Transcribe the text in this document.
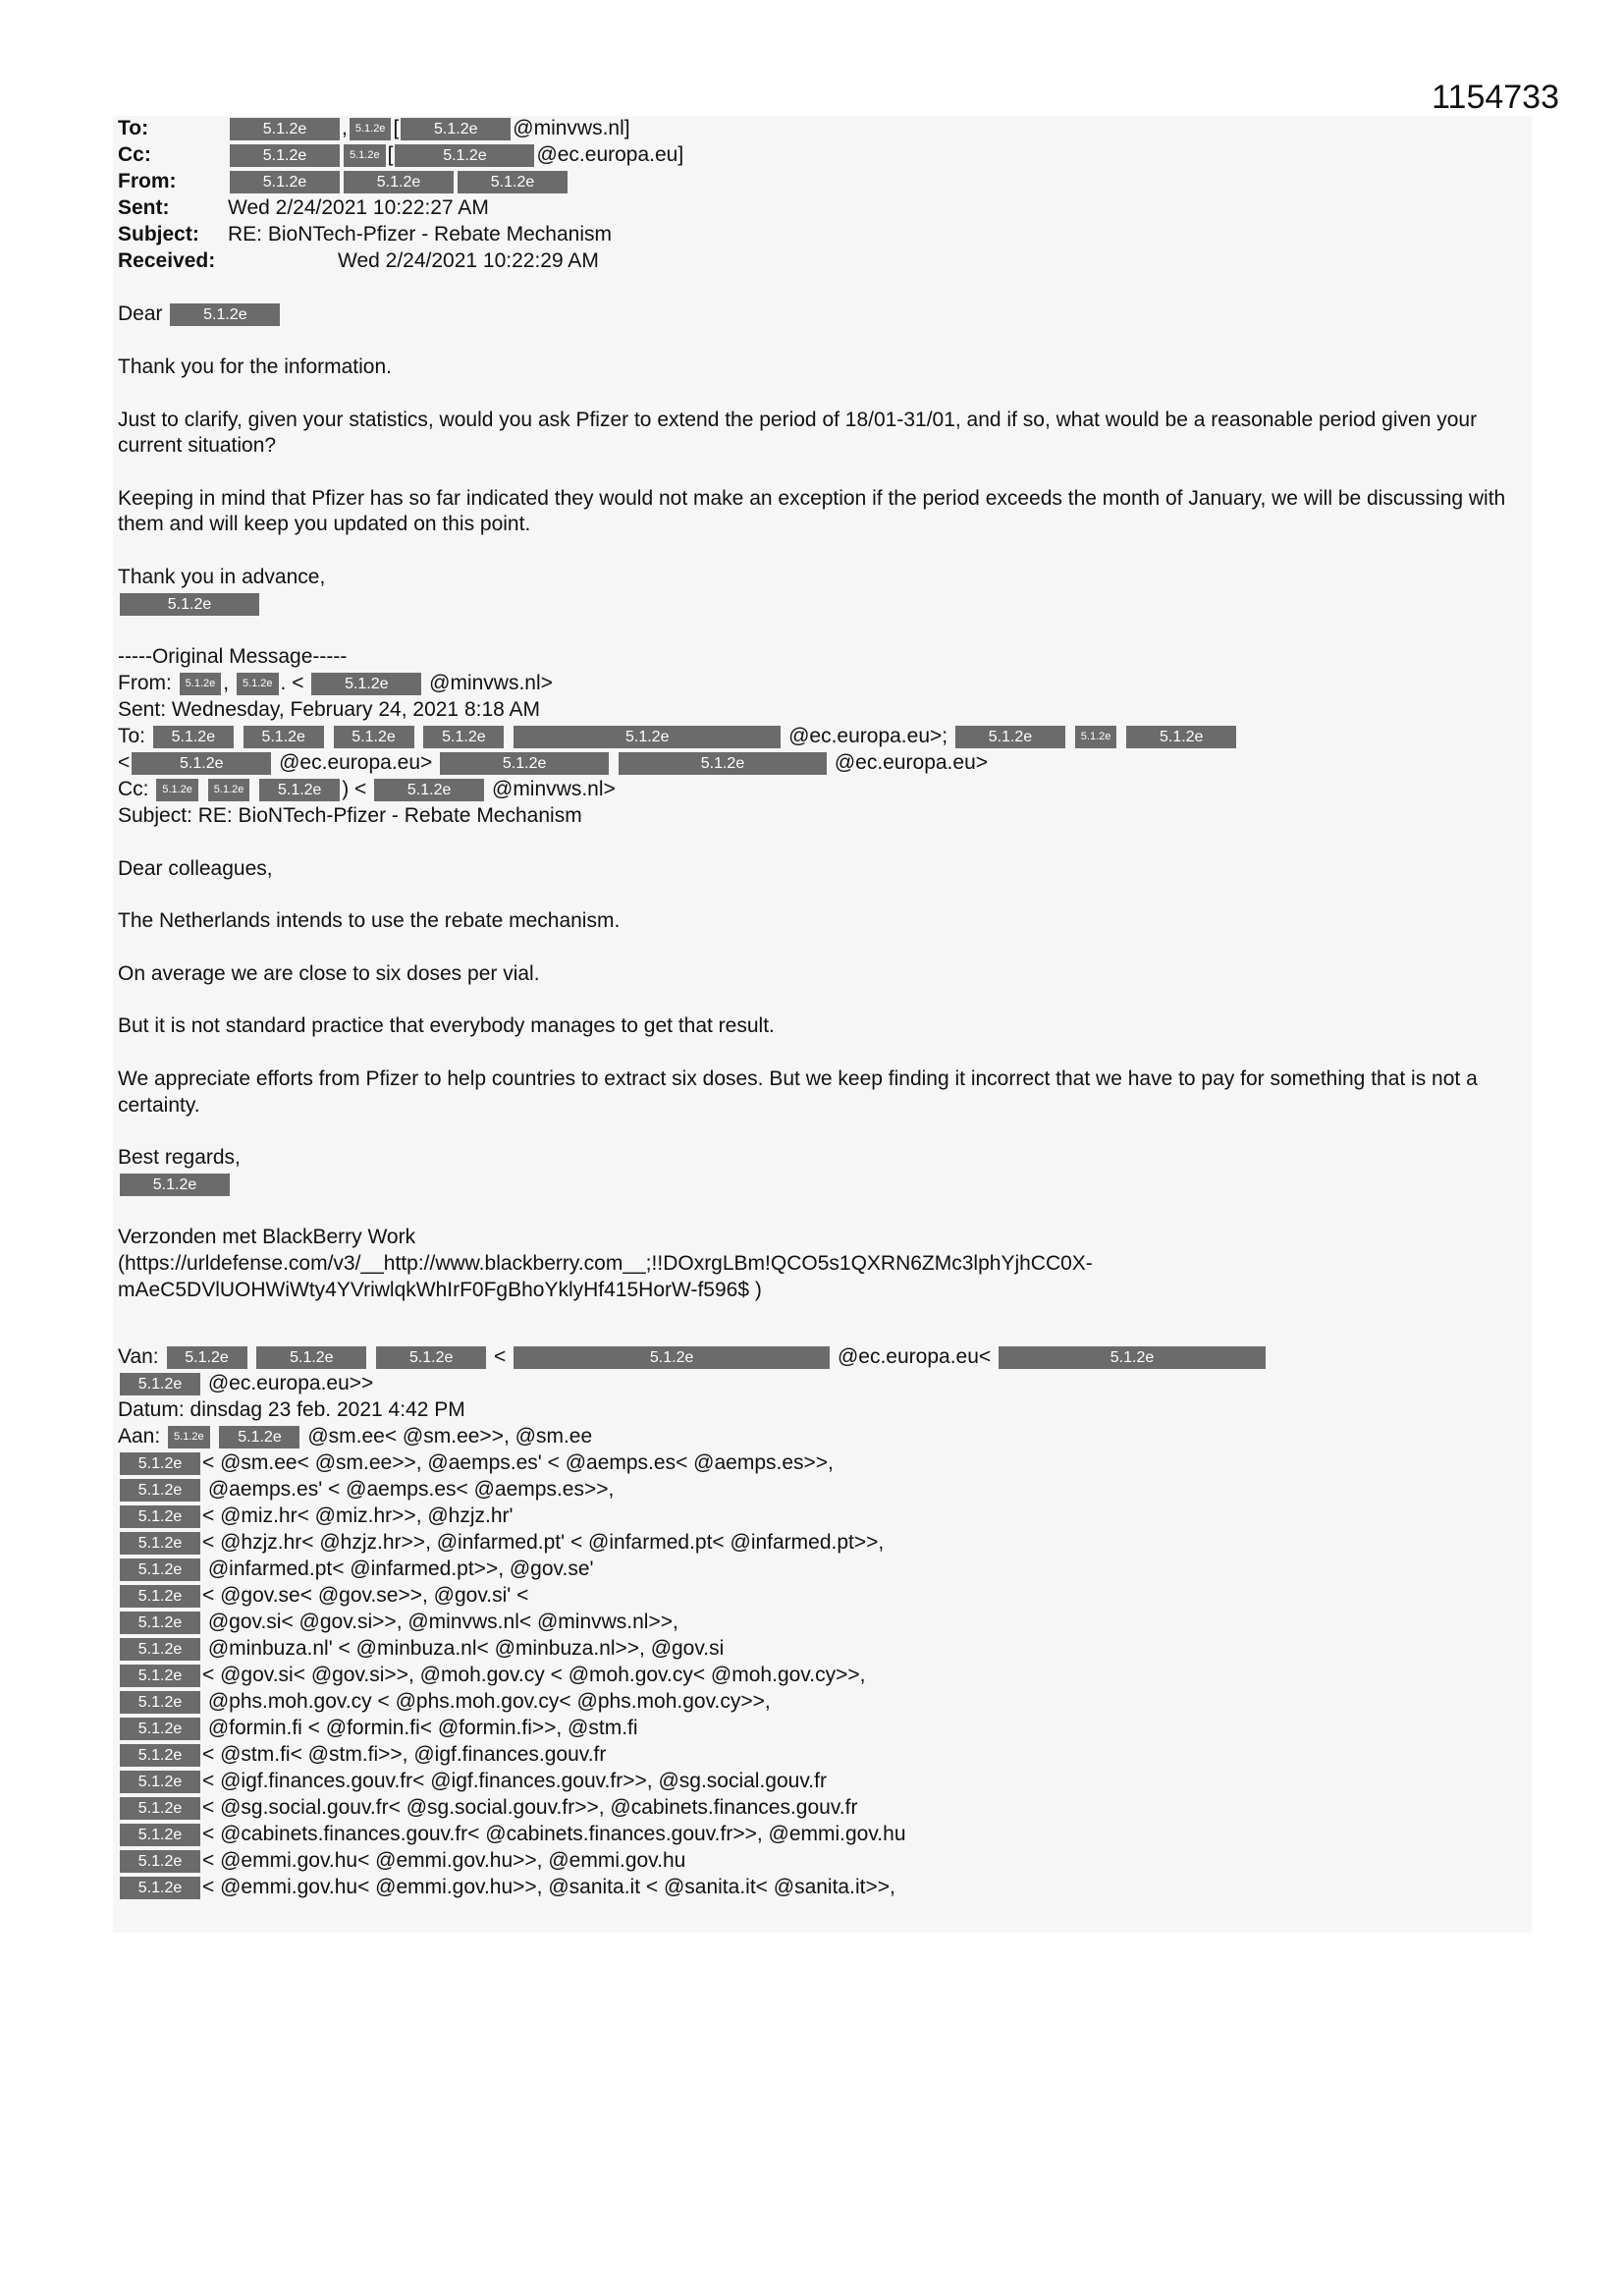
1154733
To:	5.1.2e	, 5.1.2e [	5.1.2e	@minvws.nl]
Cc:	5.1.2e	5.1.2e [	5.1.2e	@ec.europa.eu]
From:	5.1.2e	5.1.2e	5.1.2e
Sent:	Wed 2/24/2021 10:22:27 AM
Subject:	RE: BioNTech-Pfizer - Rebate Mechanism
Received:	Wed 2/24/2021 10:22:29 AM
Dear	5.1.2e
Thank you for the information.
Just to clarify, given your statistics, would you ask Pfizer to extend the period of 18/01-31/01, and if so, what would be a reasonable period given your current situation?
Keeping in mind that Pfizer has so far indicated they would not make an exception if the period exceeds the month of January, we will be discussing with them and will keep you updated on this point.
Thank you in advance,
5.1.2e
-----Original Message-----
From: 5.1.2e , 5.1.2e . < 5.1.2e @minvws.nl>
Sent: Wednesday, February 24, 2021 8:18 AM
To: 5.1.2e	5.1.2e	5.1.2e	5.1.2e	5.1.2e	@ec.europa.eu>;	5.1.2e	5.1.2e	5.1.2e
<	5.1.2e	@ec.europa.eu>	5.1.2e	5.1.2e	@ec.europa.eu>
Cc: 5.1.2e 5.1.2e 5.1.2e ) < 5.1.2e @minvws.nl>
Subject: RE: BioNTech-Pfizer - Rebate Mechanism
Dear colleagues,
The Netherlands intends to use the rebate mechanism.
On average we are close to six doses per vial.
But it is not standard practice that everybody manages to get that result.
We appreciate efforts from Pfizer to help countries to extract six doses. But we keep finding it incorrect that we have to pay for something that is not a certainty.
Best regards,
5.1.2e
Verzonden met BlackBerry Work
(https://urldefense.com/v3/__http://www.blackberry.com__;!!DOxrgLBm!QCO5s1QXRN6ZMc3lphYjhCC0X-
mAeC5DVlUOHWiWty4YVriwlqkWhIrF0FgBhoYklyHf415HorW-f596$ )
Van: 5.1.2e	5.1.2e	5.1.2e <	5.1.2e	@ec.europa.eu<	5.1.2e
5.1.2e @ec.europa.eu>>
Datum: dinsdag 23 feb. 2021 4:42 PM
Aan: 5.1.2e 5.1.2e @sm.ee< @sm.ee>>, @sm.ee
5.1.2e < @sm.ee< @sm.ee>>, @aemps.es' < @aemps.es< @aemps.es>>,
5.1.2e @aemps.es' < @aemps.es< @aemps.es>>,
5.1.2e < @miz.hr< @miz.hr>>, @hzjz.hr'
5.1.2e < @hzjz.hr< @hzjz.hr>>, @infarmed.pt' < @infarmed.pt< @infarmed.pt>>,
5.1.2e @infarmed.pt< @infarmed.pt>>, @gov.se'
5.1.2e < @gov.se< @gov.se>>, @gov.si' <
5.1.2e @gov.si< @gov.si>>, @minvws.nl< @minvws.nl>>,
5.1.2e @minbuza.nl' < @minbuza.nl< @minbuza.nl>>, @gov.si
5.1.2e < @gov.si< @gov.si>>, @moh.gov.cy < @moh.gov.cy< @moh.gov.cy>>,
5.1.2e @phs.moh.gov.cy < @phs.moh.gov.cy< @phs.moh.gov.cy>>,
5.1.2e @formin.fi < @formin.fi< @formin.fi>>, @stm.fi
5.1.2e < @stm.fi< @stm.fi>>, @igf.finances.gouv.fr
5.1.2e < @igf.finances.gouv.fr< @igf.finances.gouv.fr>>, @sg.social.gouv.fr
5.1.2e < @sg.social.gouv.fr< @sg.social.gouv.fr>>, @cabinets.finances.gouv.fr
5.1.2e < @cabinets.finances.gouv.fr< @cabinets.finances.gouv.fr>>, @emmi.gov.hu
5.1.2e < @emmi.gov.hu< @emmi.gov.hu>>, @emmi.gov.hu
5.1.2e < @emmi.gov.hu< @emmi.gov.hu>>, @sanita.it < @sanita.it< @sanita.it>>,
